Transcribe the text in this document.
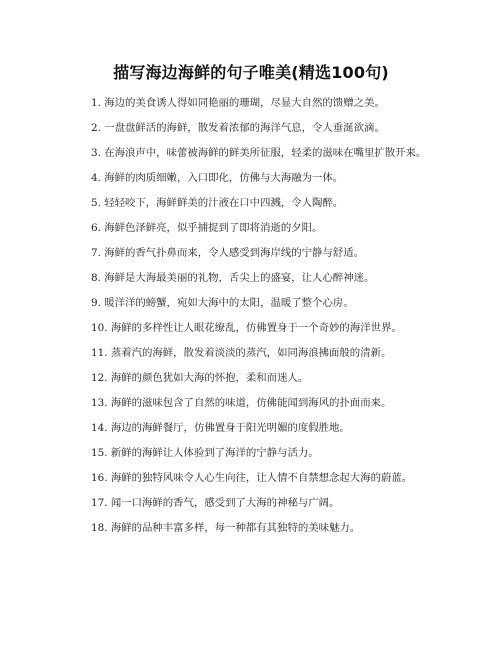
描写海边海鲜的句子唯美(精选100句)
1. 海边的美食诱人得如同艳丽的珊瑚，尽显大自然的馈赠之美。
2. 一盘盘鲜活的海鲜，散发着浓郁的海洋气息，令人垂涎欲滴。
3. 在海浪声中，味蕾被海鲜的鲜美所征服，轻柔的滋味在嘴里扩散开来。
4. 海鲜的肉质细嫩，入口即化，仿佛与大海融为一体。
5. 轻轻咬下，海鲜鲜美的汁液在口中四溅，令人陶醉。
6. 海鲜色泽鲜亮，似乎捕捉到了即将消逝的夕阳。
7. 海鲜的香气扑鼻而来，令人感受到海岸线的宁静与舒适。
8. 海鲜是大海最美丽的礼物，舌尖上的盛宴，让人心醉神迷。
9. 暖洋洋的螃蟹，宛如大海中的太阳，温暖了整个心房。
10. 海鲜的多样性让人眼花缭乱，仿佛置身于一个奇妙的海洋世界。
11. 蒸着汽的海鲜，散发着淡淡的蒸汽，如同海浪拂面般的清新。
12. 海鲜的颜色犹如大海的怀抱，柔和而迷人。
13. 海鲜的滋味包含了自然的味道，仿佛能闻到海风的扑面而来。
14. 海边的海鲜餐厅，仿佛置身于阳光明媚的度假胜地。
15. 新鲜的海鲜让人体验到了海洋的宁静与活力。
16. 海鲜的独特风味令人心生向往，让人情不自禁想念起大海的蔚蓝。
17. 闻一口海鲜的香气，感受到了大海的神秘与广阔。
18. 海鲜的品种丰富多样，每一种都有其独特的美味魅力。
